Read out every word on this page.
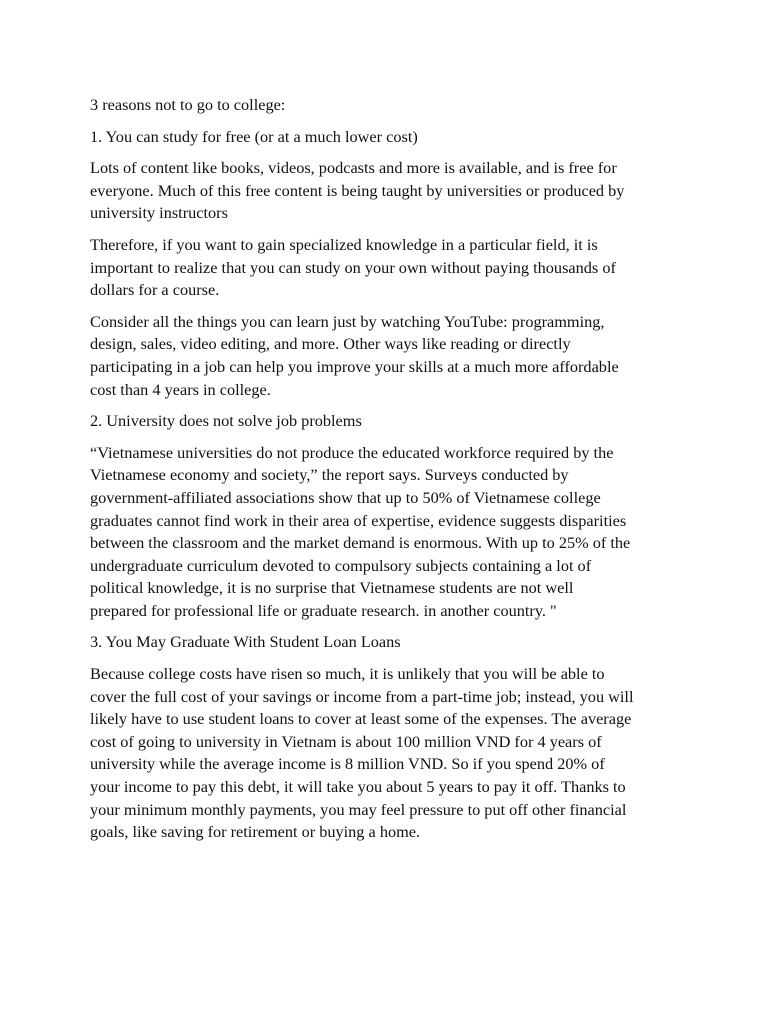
3 reasons not to go to college:

1. You can study for free (or at a much lower cost)

Lots of content like books, videos, podcasts and more is available, and is free for
everyone. Much of this free content is being taught by universities or produced by
university instructors

Therefore, if you want to gain specialized knowledge in a particular field, it is
important to realize that you can study on your own without paying thousands of
dollars for a course.

Consider all the things you can learn just by watching YouTube: programming,
design, sales, video editing, and more. Other ways like reading or directly
participating in a job can help you improve your skills at a much more affordable
cost than 4 years in college.

2. University does not solve job problems

“Vietnamese universities do not produce the educated workforce required by the
Vietnamese economy and society,” the report says. Surveys conducted by
government-affiliated associations show that up to 50% of Vietnamese college
graduates cannot find work in their area of expertise, evidence suggests disparities
between the classroom and the market demand is enormous. With up to 25% of the
undergraduate curriculum devoted to compulsory subjects containing a lot of
political knowledge, it is no surprise that Vietnamese students are not well
prepared for professional life or graduate research. in another country. "

3. You May Graduate With Student Loan Loans

Because college costs have risen so much, it is unlikely that you will be able to
cover the full cost of your savings or income from a part-time job; instead, you will
likely have to use student loans to cover at least some of the expenses. The average
cost of going to university in Vietnam is about 100 million VND for 4 years of
university while the average income is 8 million VND. So if you spend 20% of
your income to pay this debt, it will take you about 5 years to pay it off. Thanks to
your minimum monthly payments, you may feel pressure to put off other financial
goals, like saving for retirement or buying a home.
